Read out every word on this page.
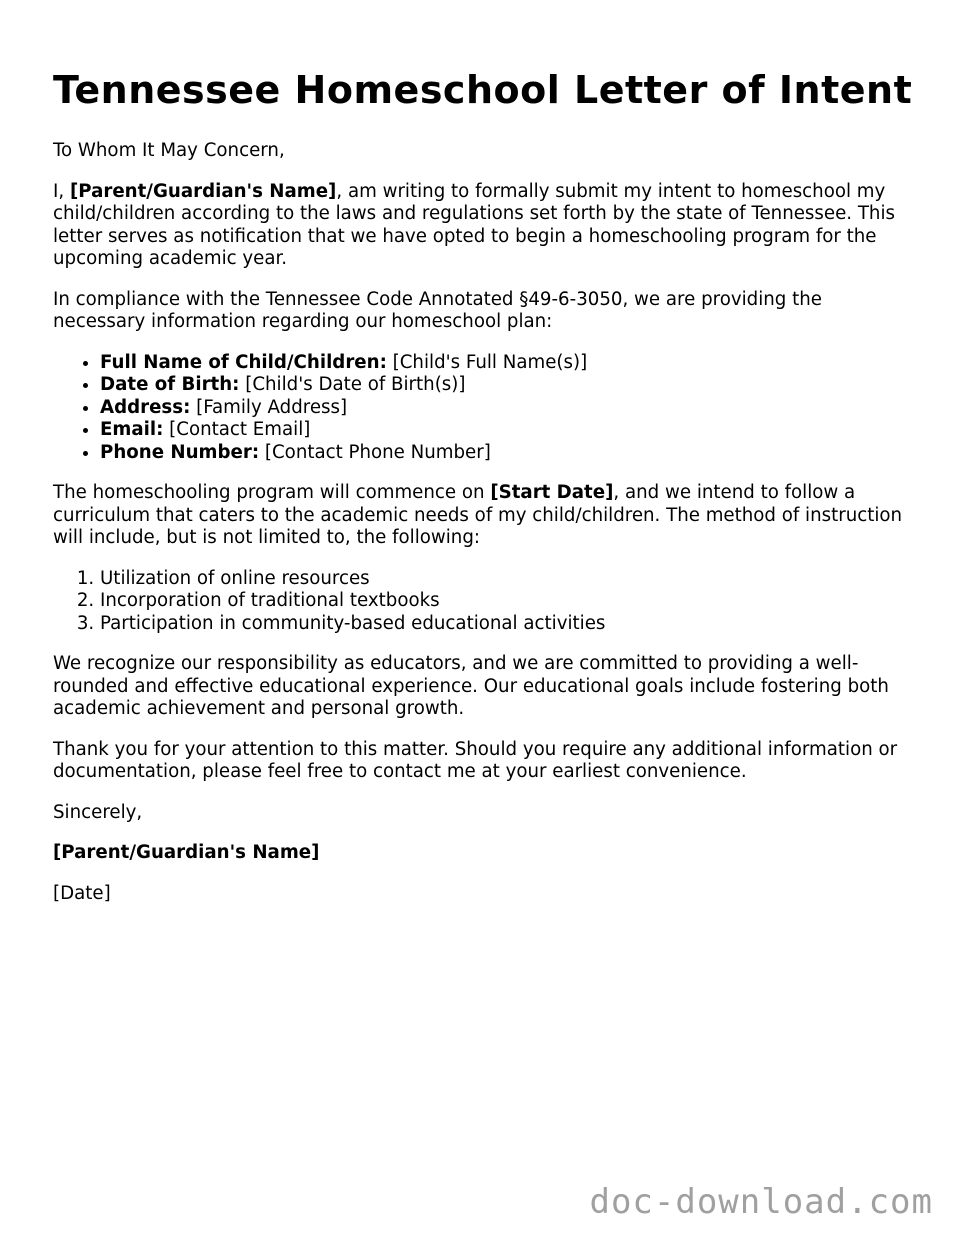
Tennessee Homeschool Letter of Intent

To Whom It May Concern,

I, [Parent/Guardian's Name], am writing to formally submit my intent to homeschool my child/children according to the laws and regulations set forth by the state of Tennessee. This letter serves as notification that we have opted to begin a homeschooling program for the upcoming academic year.

In compliance with the Tennessee Code Annotated §49-6-3050, we are providing the necessary information regarding our homeschool plan:

• Full Name of Child/Children: [Child's Full Name(s)]
• Date of Birth: [Child's Date of Birth(s)]
• Address: [Family Address]
• Email: [Contact Email]
• Phone Number: [Contact Phone Number]

The homeschooling program will commence on [Start Date], and we intend to follow a curriculum that caters to the academic needs of my child/children. The method of instruction will include, but is not limited to, the following:

1. Utilization of online resources
2. Incorporation of traditional textbooks
3. Participation in community-based educational activities

We recognize our responsibility as educators, and we are committed to providing a well-rounded and effective educational experience. Our educational goals include fostering both academic achievement and personal growth.

Thank you for your attention to this matter. Should you require any additional information or documentation, please feel free to contact me at your earliest convenience.

Sincerely,

[Parent/Guardian's Name]

[Date]

doc-download.com
